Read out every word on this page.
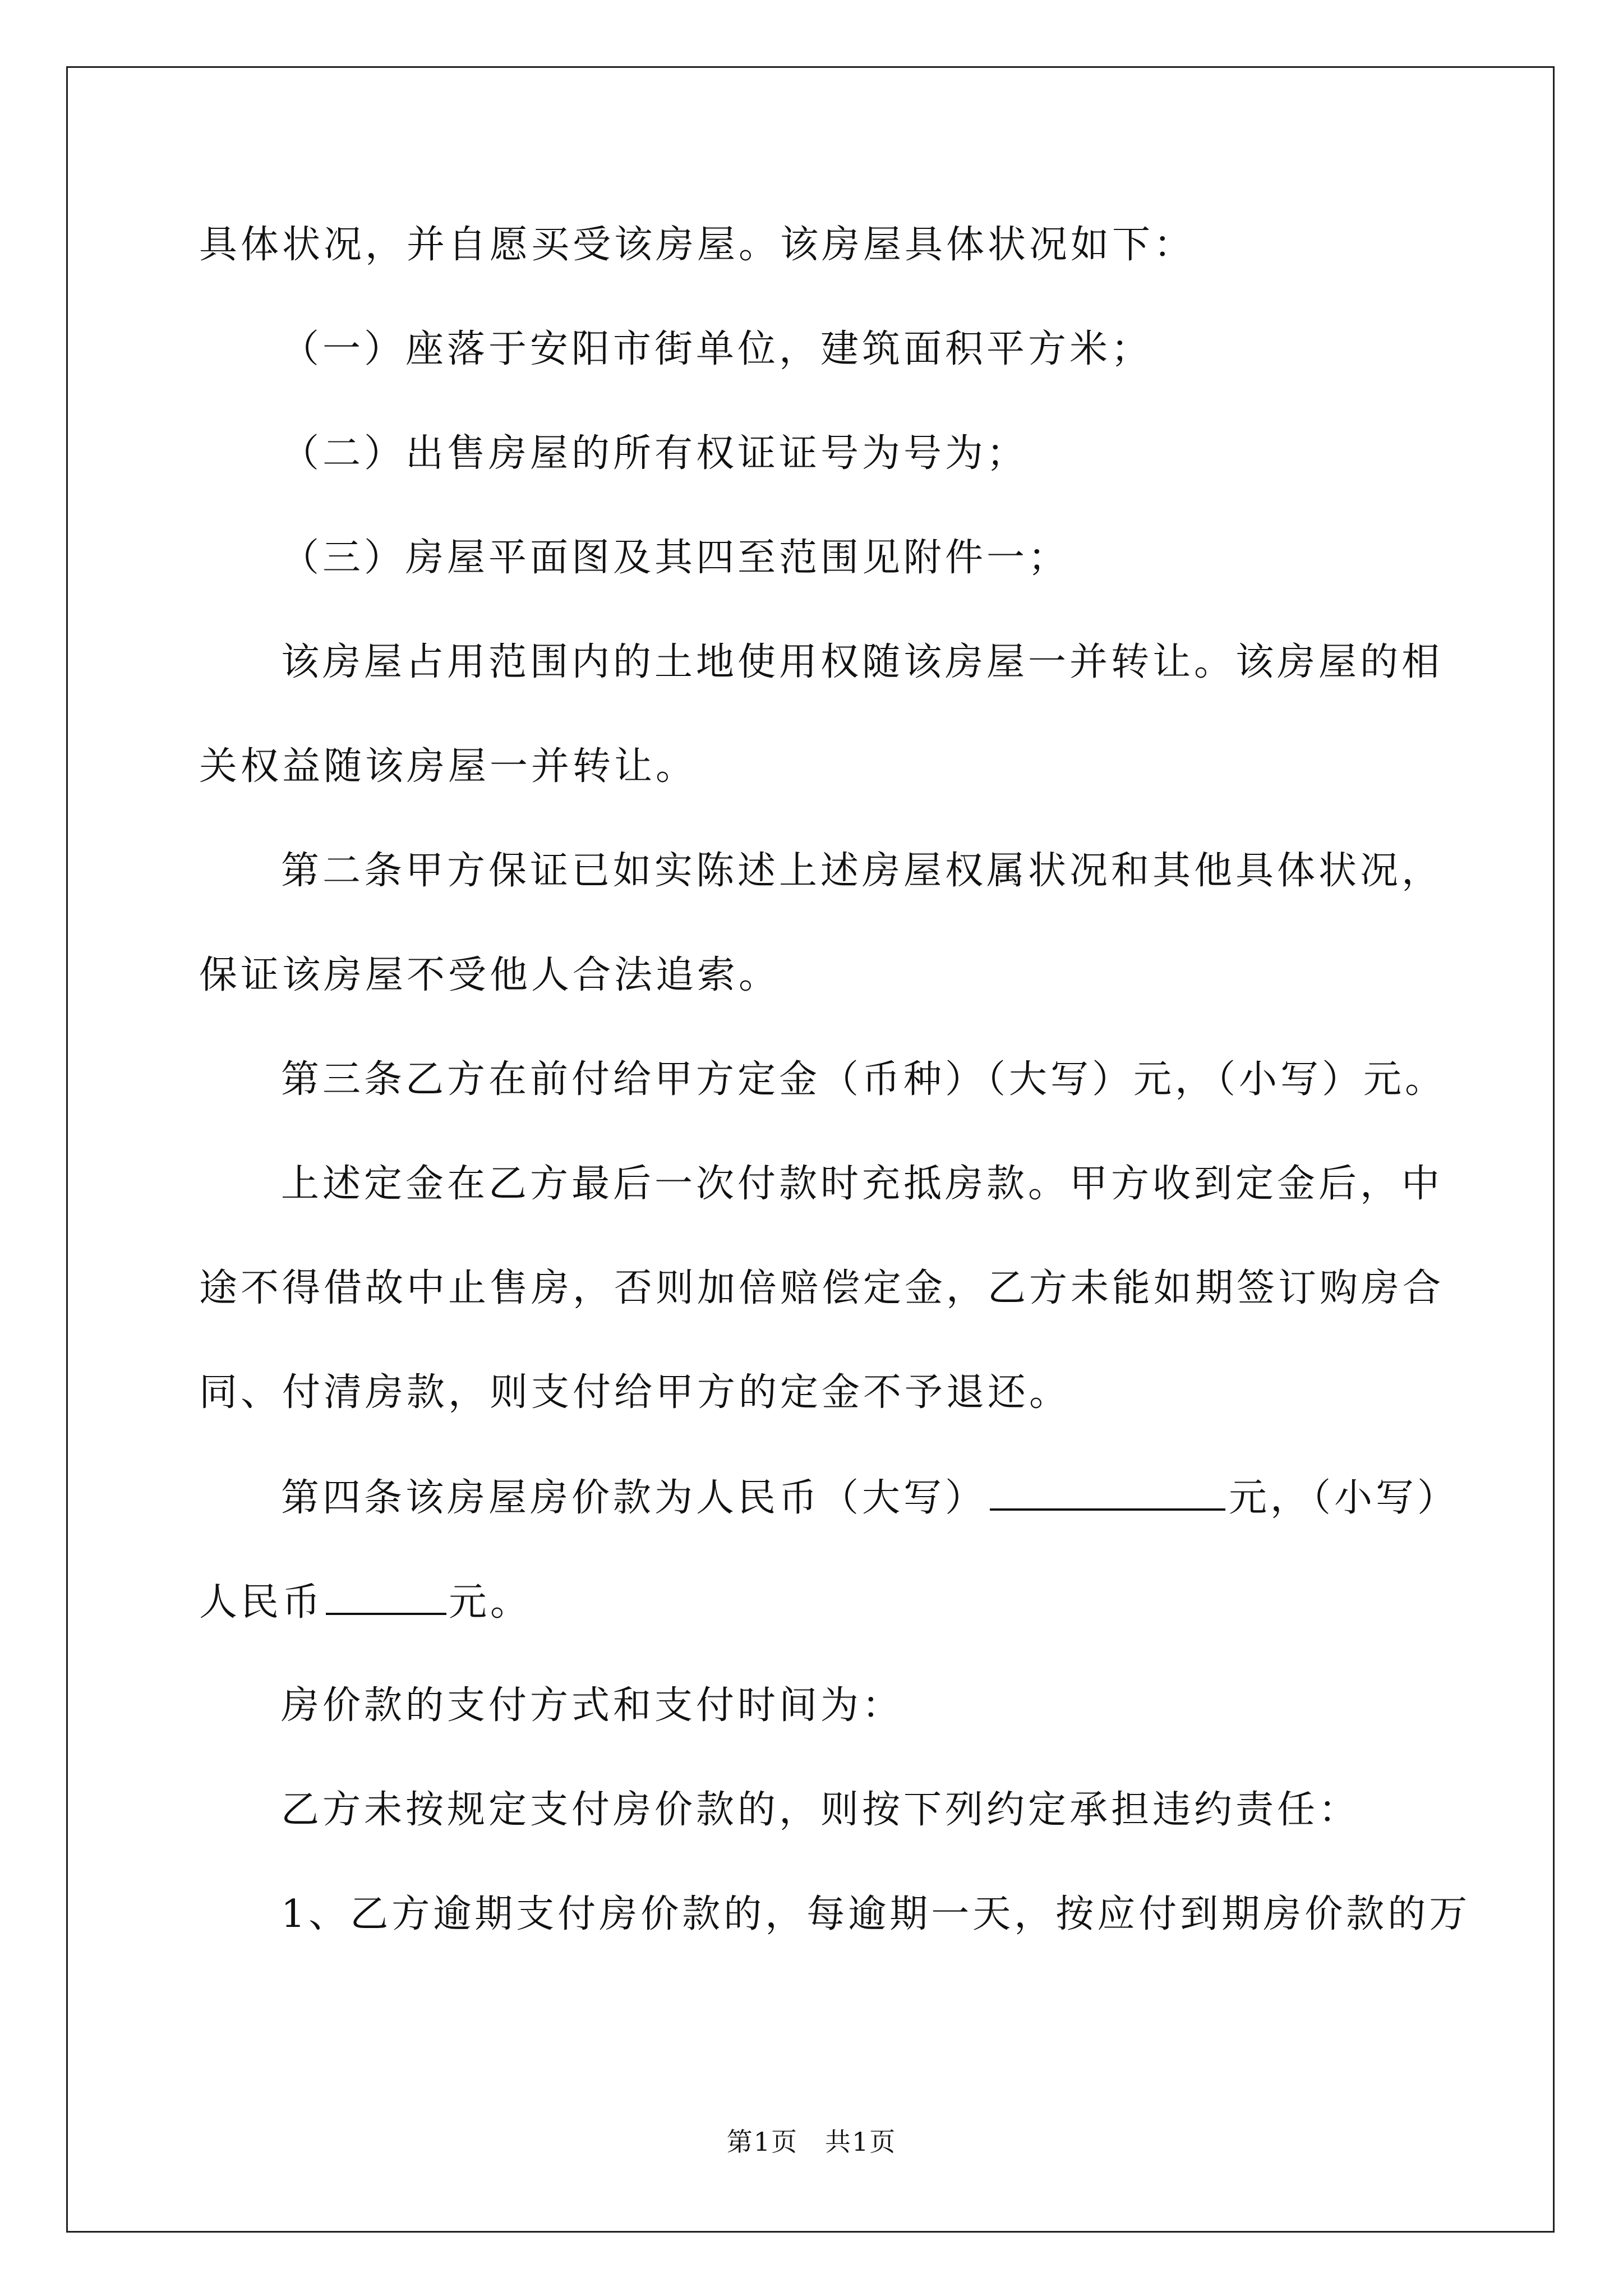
具体状况，并自愿买受该房屋。该房屋具体状况如下：
（一）座落于安阳市街单位，建筑面积平方米；
（二）出售房屋的所有权证证号为号为；
（三）房屋平面图及其四至范围见附件一；
该房屋占用范围内的土地使用权随该房屋一并转让。该房屋的相
关权益随该房屋一并转让。
第二条甲方保证已如实陈述上述房屋权属状况和其他具体状况，
保证该房屋不受他人合法追索。
第三条乙方在前付给甲方定金（币种）（大写）元，（小写）元。
上述定金在乙方最后一次付款时充抵房款。甲方收到定金后，中
途不得借故中止售房，否则加倍赔偿定金，乙方未能如期签订购房合
同、付清房款，则支付给甲方的定金不予退还。
第四条该房屋房价款为人民币（大写）	元，（小写）
人民币	元。
房价款的支付方式和支付时间为：
乙方未按规定支付房价款的，则按下列约定承担违约责任：
1、乙方逾期支付房价款的，每逾期一天，按应付到期房价款的万
第1页 共1页
